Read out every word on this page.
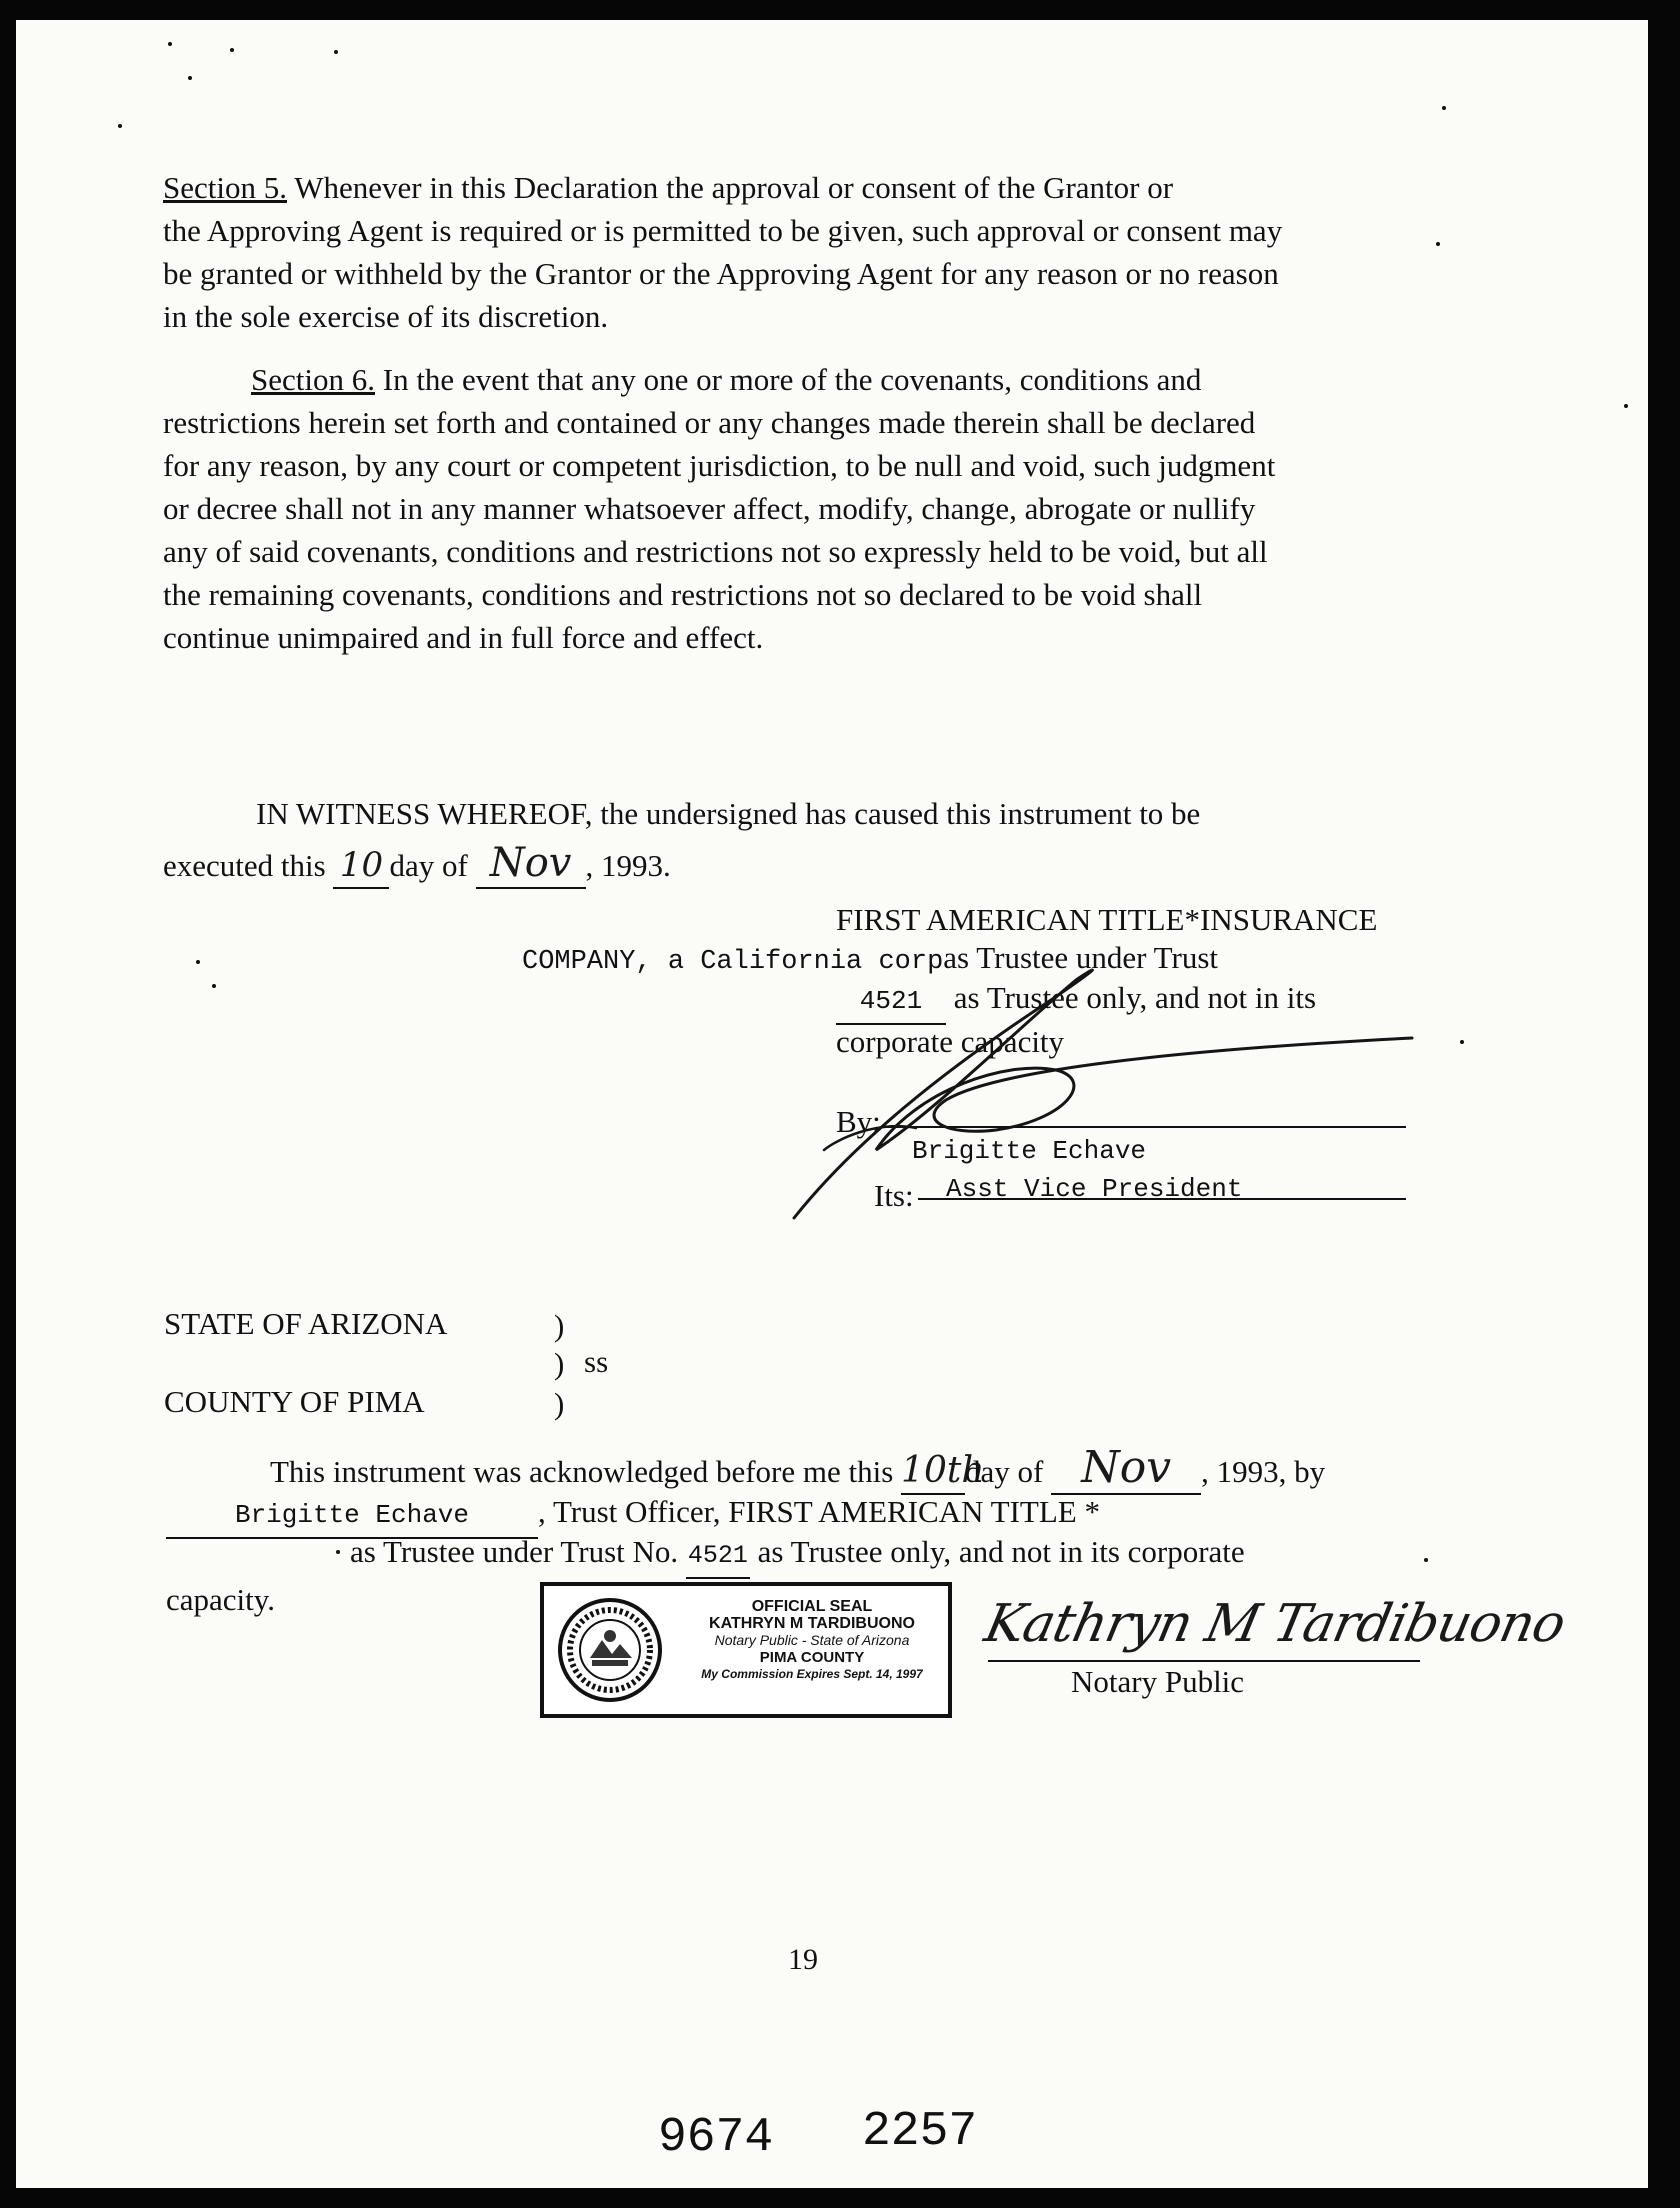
Section 5. Whenever in this Declaration the approval or consent of the Grantor or
the Approving Agent is required or is permitted to be given, such approval or consent may
be granted or withheld by the Grantor or the Approving Agent for any reason or no reason
in the sole exercise of its discretion.
Section 6. In the event that any one or more of the covenants, conditions and
restrictions herein set forth and contained or any changes made therein shall be declared
for any reason, by any court or competent jurisdiction, to be null and void, such judgment
or decree shall not in any manner whatsoever affect, modify, change, abrogate or nullify
any of said covenants, conditions and restrictions not so expressly held to be void, but all
the remaining covenants, conditions and restrictions not so declared to be void shall
continue unimpaired and in full force and effect.
IN WITNESS WHEREOF, the undersigned has caused this instrument to be
executed this 10 day of Nov , 1993.
FIRST AMERICAN TITLE*INSURANCE
COMPANY, a California corpas Trustee under Trust
4521 as Trustee only, and not in its
corporate capacity
By:
Brigitte Echave
Its: Asst Vice President
STATE OF ARIZONA	)
) ss
COUNTY OF PIMA	)
This instrument was acknowledged before me this 10thday of Nov , 1993, by
Brigitte Echave , Trust Officer, FIRST AMERICAN TITLE *
as Trustee under Trust No. 4521 as Trustee only, and not in its corporate
capacity.	OFFICIAL SEAL
KATHRYN M TARDIBUONO
Notary Public - State of Arizona
PIMA COUNTY
My Commission Expires Sept. 14, 1997
Kathryn M Tardibuono
Notary Public
19
9674 2257
